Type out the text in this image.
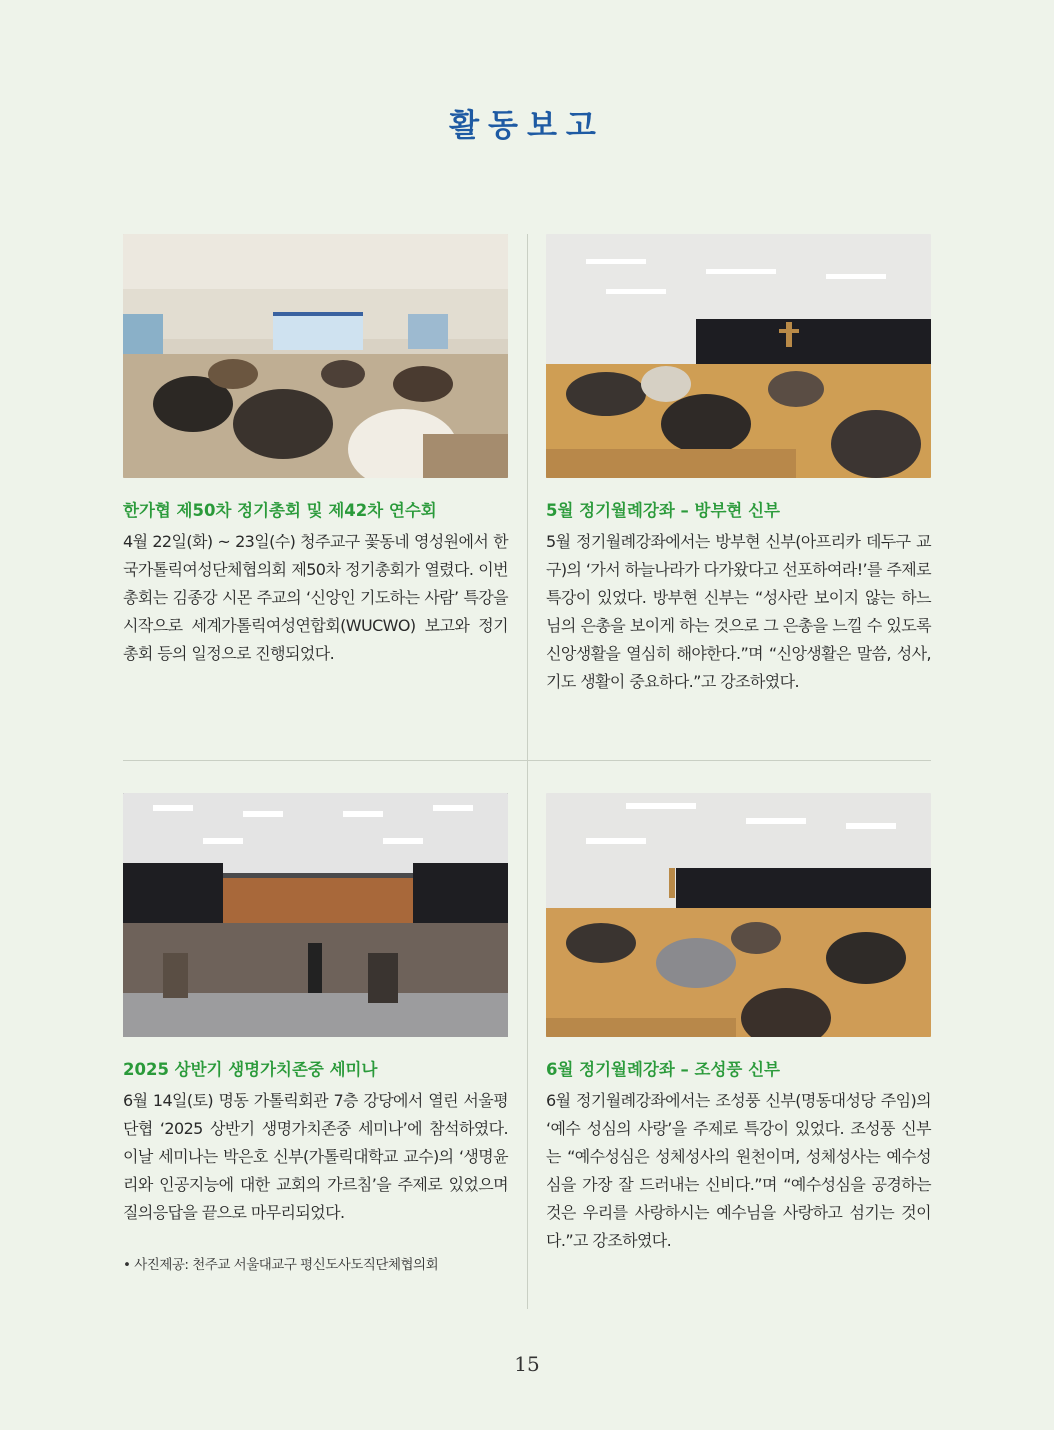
활동보고
한가협 제50차 정기총회 및 제42차 연수회
4월 22일(화) ~ 23일(수) 청주교구 꽃동네 영성원에서 한국가톨릭여성단체협의회 제50차 정기총회가 열렸다. 이번 총회는 김종강 시몬 주교의 ‘신앙인 기도하는 사람’ 특강을 시작으로 세계가톨릭여성연합회(WUCWO) 보고와 정기총회 등의 일정으로 진행되었다.
5월 정기월례강좌 – 방부현 신부
5월 정기월례강좌에서는 방부현 신부(아프리카 데두구 교구)의 ‘가서 하늘나라가 다가왔다고 선포하여라!’를 주제로 특강이 있었다. 방부현 신부는 “성사란 보이지 않는 하느님의 은총을 보이게 하는 것으로 그 은총을 느낄 수 있도록 신앙생활을 열심히 해야한다.”며 “신앙생활은 말씀, 성사, 기도 생활이 중요하다.”고 강조하였다.
2025 상반기 생명가치존중 세미나
6월 14일(토) 명동 가톨릭회관 7층 강당에서 열린 서울평단협 ‘2025 상반기 생명가치존중 세미나’에 참석하였다. 이날 세미나는 박은호 신부(가톨릭대학교 교수)의 ‘생명윤리와 인공지능에 대한 교회의 가르침’을 주제로 있었으며 질의응답을 끝으로 마무리되었다.
• 사진제공: 천주교 서울대교구 평신도사도직단체협의회
6월 정기월례강좌 – 조성풍 신부
6월 정기월례강좌에서는 조성풍 신부(명동대성당 주임)의 ‘예수 성심의 사랑’을 주제로 특강이 있었다. 조성풍 신부는 “예수성심은 성체성사의 원천이며, 성체성사는 예수성심을 가장 잘 드러내는 신비다.”며 “예수성심을 공경하는 것은 우리를 사랑하시는 예수님을 사랑하고 섬기는 것이다.”고 강조하였다.
15
